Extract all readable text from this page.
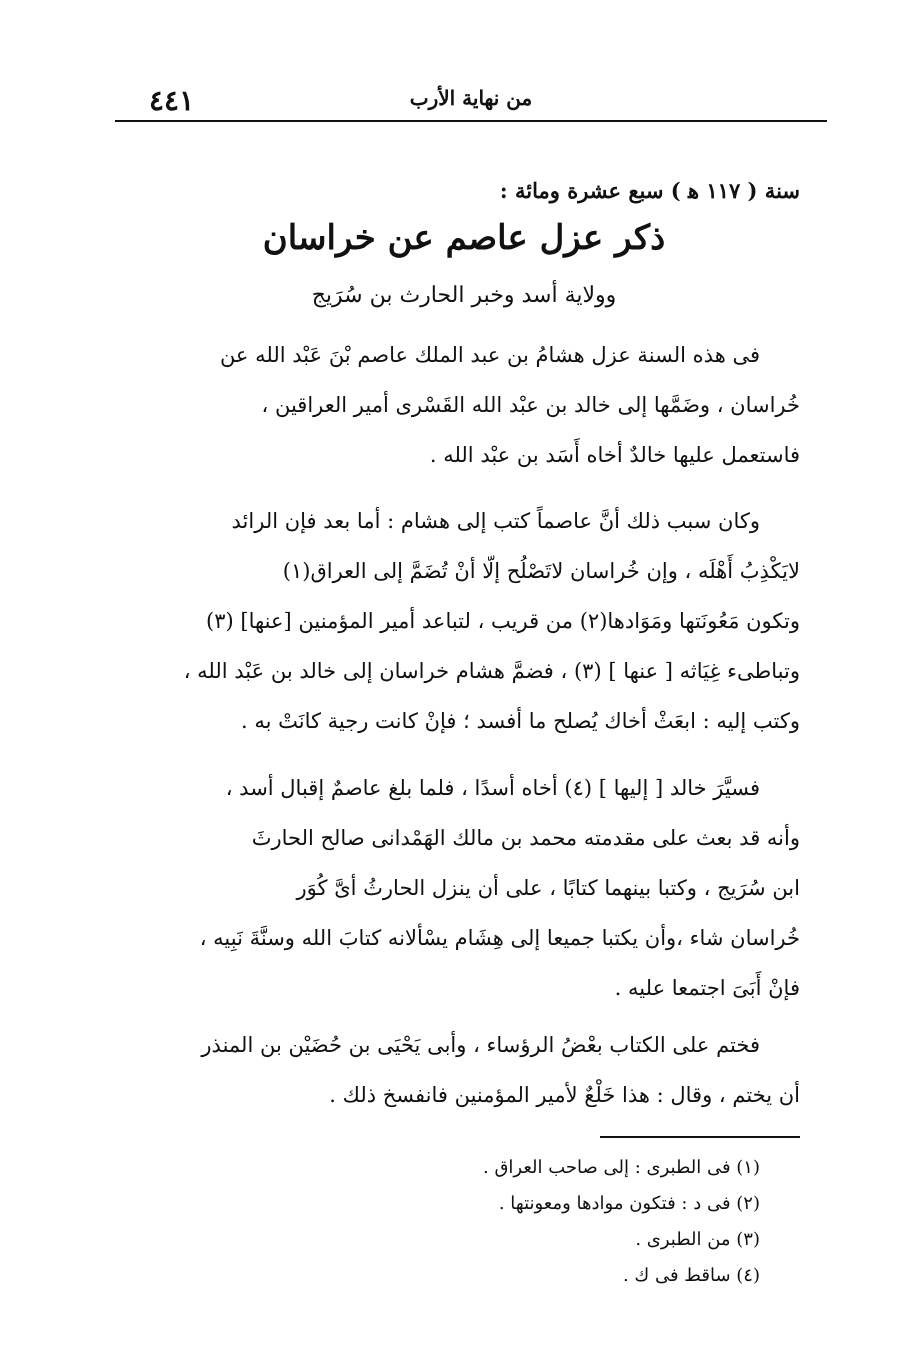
٤٤١	من نهاية الأرب
سنة ( ١١٧ ﻫ ) سبع عشرة ومائة :
ذكر عزل عاصم عن خراسان
وولاية أسد وخبر الحارث بن سُرَيج
فى هذه السنة عزل هشامُ بن عبد الملك عاصم بْنَ عَبْد الله عن
خُراسان ، وضَمَّها إلى خالد بن عبْد الله القَسْرى أمير العراقين ،
فاستعمل عليها خالدٌ أخاه أَسَد بن عبْد الله .
وكان سبب ذلك أنَّ عاصماً كتب إلى هشام : أما بعد فإن الرائد
لايَكْذِبُ أَهْلَه ، وإن خُراسان لاتَصْلُح إلّا أنْ تُضَمَّ إلى العراق(١)
وتكون مَعُونَتها ومَوَادها(٢) من قريب ، لتباعد أمير المؤمنين [عنها] (٣)
وتباطىء غِيَاثه [ عنها ] (٣) ، فضمَّ هشام خراسان إلى خالد بن عَبْد الله ،
وكتب إليه : ابعَثْ أخاك يُصلح ما أفسد ؛ فإنْ كانت رجية كانَتْ به .
فسيَّرَ خالد [ إليها ] (٤) أخاه أسدًا ، فلما بلغ عاصمٌ إقبال أسد ،
وأنه قد بعث على مقدمته محمد بن مالك الهَمْدانى صالح الحارثَ
ابن سُرَيج ، وكتبا بينهما كتابًا ، على أن ينزل الحارثُ أىَّ كُوَر
خُراسان شاء ،وأن يكتبا جميعا إلى هِشَام يسْألانه كتابَ الله وسنَّةَ نَبِيه ،
فإنْ أَبَىَ اجتمعا عليه .
فختم على الكتاب بعْضُ الرؤساء ، وأبى يَحْيَى بن حُضَيْن بن المنذر
أن يختم ، وقال : هذا خَلْعٌ لأمير المؤمنين فانفسخ ذلك .
(١) فى الطبرى : إلى صاحب العراق .
(٢) فى د : فتكون موادها ومعونتها .
(٣) من الطبرى .
(٤) ساقط فى ك .
